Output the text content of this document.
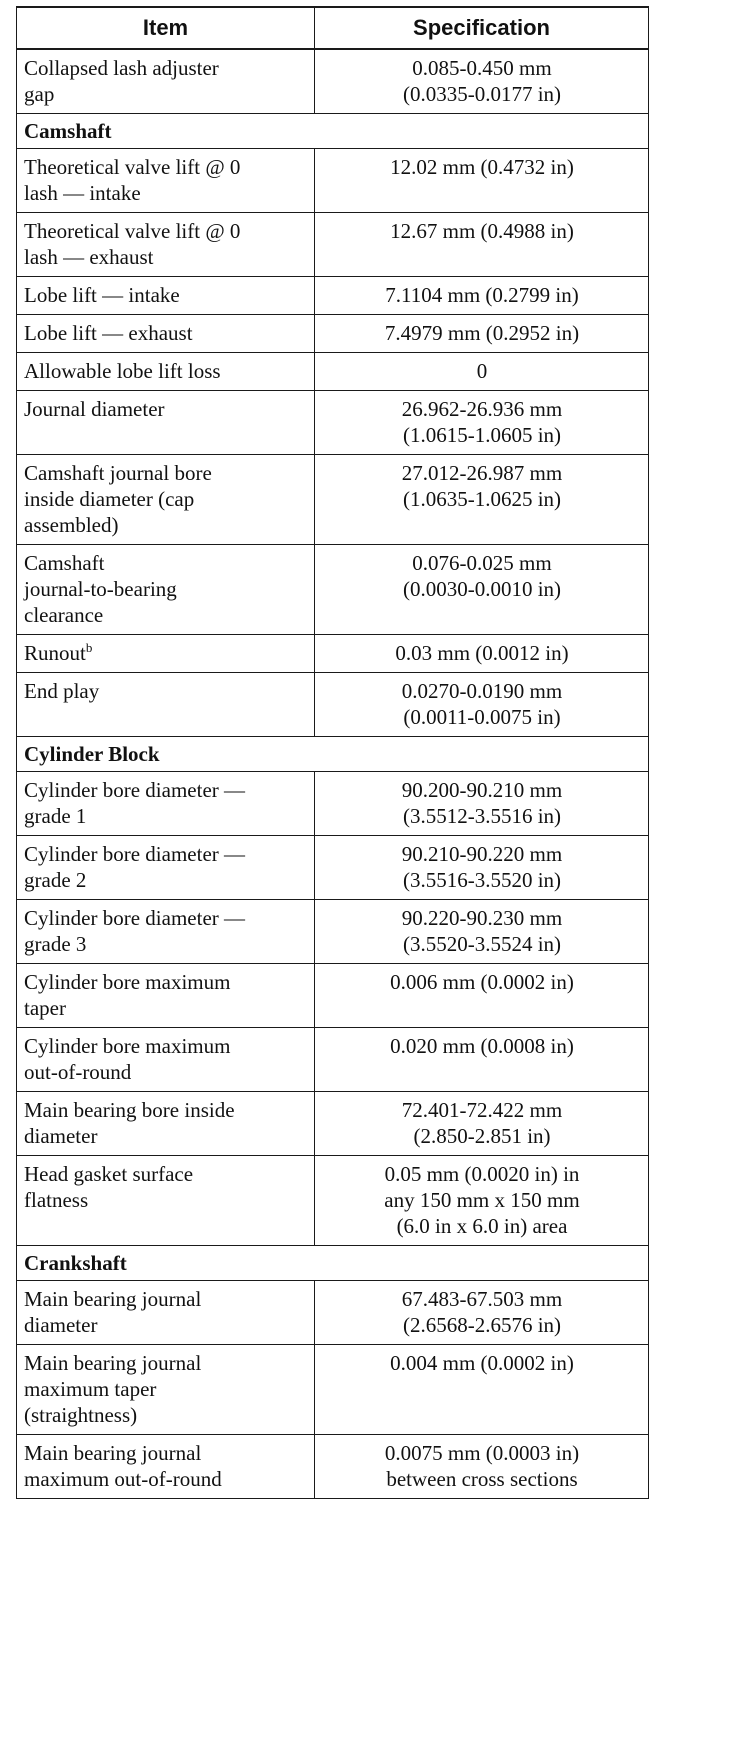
Item	Specification

Collapsed lash adjuster
gap	0.085-0.450 mm
(0.0335-0.0177 in)

Camshaft	

Theoretical valve lift @ 0
lash — intake	12.02 mm (0.4732 in)

Theoretical valve lift @ 0
lash — exhaust	12.67 mm (0.4988 in)

Lobe lift — intake	7.1104 mm (0.2799 in)

Lobe lift — exhaust	7.4979 mm (0.2952 in)

Allowable lobe lift loss	0

Journal diameter	26.962-26.936 mm
(1.0615-1.0605 in)

Camshaft journal bore
inside diameter (cap
assembled)	27.012-26.987 mm
(1.0635-1.0625 in)

Camshaft
journal-to-bearing
clearance	0.076-0.025 mm
(0.0030-0.0010 in)

Runout$^b$	0.03 mm (0.0012 in)

End play	0.0270-0.0190 mm
(0.0011-0.0075 in)

Cylinder Block	

Cylinder bore diameter —
grade 1	90.200-90.210 mm
(3.5512-3.5516 in)

Cylinder bore diameter —
grade 2	90.210-90.220 mm
(3.5516-3.5520 in)

Cylinder bore diameter —
grade 3	90.220-90.230 mm
(3.5520-3.5524 in)

Cylinder bore maximum
taper	0.006 mm (0.0002 in)

Cylinder bore maximum
out-of-round	0.020 mm (0.0008 in)

Main bearing bore inside
diameter	72.401-72.422 mm
(2.850-2.851 in)

Head gasket surface
flatness	0.05 mm (0.0020 in) in
any 150 mm x 150 mm
(6.0 in x 6.0 in) area

Crankshaft	

Main bearing journal
diameter	67.483-67.503 mm
(2.6568-2.6576 in)

Main bearing journal
maximum taper
(straightness)	0.004 mm (0.0002 in)

Main bearing journal
maximum out-of-round	0.0075 mm (0.0003 in)
between cross sections
